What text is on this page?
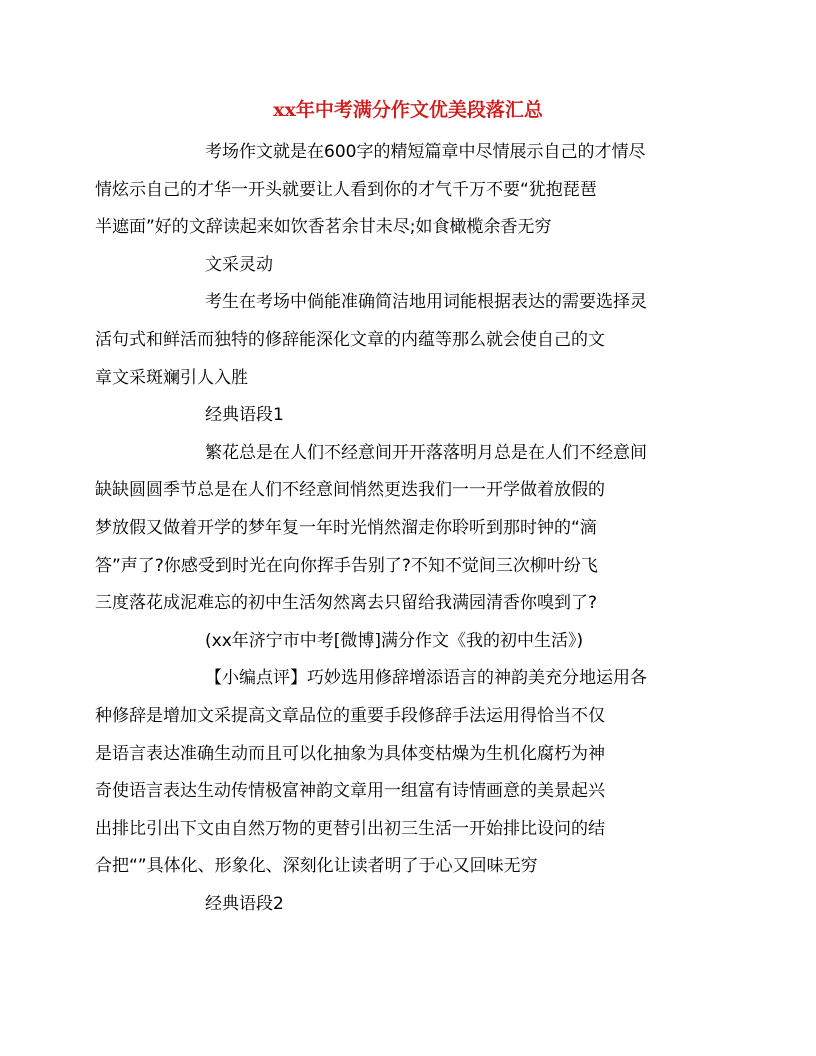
xx年中考满分作文优美段落汇总

考场作文就是在600字的精短篇章中尽情展示自己的才情尽
情炫示自己的才华一开头就要让人看到你的才气千万不要“犹抱琵琶
半遮面”好的文辞读起来如饮香茗余甘未尽;如食橄榄余香无穷

文采灵动

考生在考场中倘能准确简洁地用词能根据表达的需要选择灵
活句式和鲜活而独特的修辞能深化文章的内蕴等那么就会使自己的文
章文采斑斓引人入胜

经典语段1

繁花总是在人们不经意间开开落落明月总是在人们不经意间
缺缺圆圆季节总是在人们不经意间悄然更迭我们一一开学做着放假的
梦放假又做着开学的梦年复一年时光悄然溜走你聆听到那时钟的“滴
答”声了?你感受到时光在向你挥手告别了?不知不觉间三次柳叶纷飞
三度落花成泥难忘的初中生活匆然离去只留给我满园清香你嗅到了?

(xx年济宁市中考[微博]满分作文《我的初中生活》)

【小编点评】巧妙选用修辞增添语言的神韵美充分地运用各
种修辞是增加文采提高文章品位的重要手段修辞手法运用得恰当不仅
是语言表达准确生动而且可以化抽象为具体变枯燥为生机化腐朽为神
奇使语言表达生动传情极富神韵文章用一组富有诗情画意的美景起兴
出排比引出下文由自然万物的更替引出初三生活一开始排比设问的结
合把“”具体化、形象化、深刻化让读者明了于心又回味无穷

经典语段2
